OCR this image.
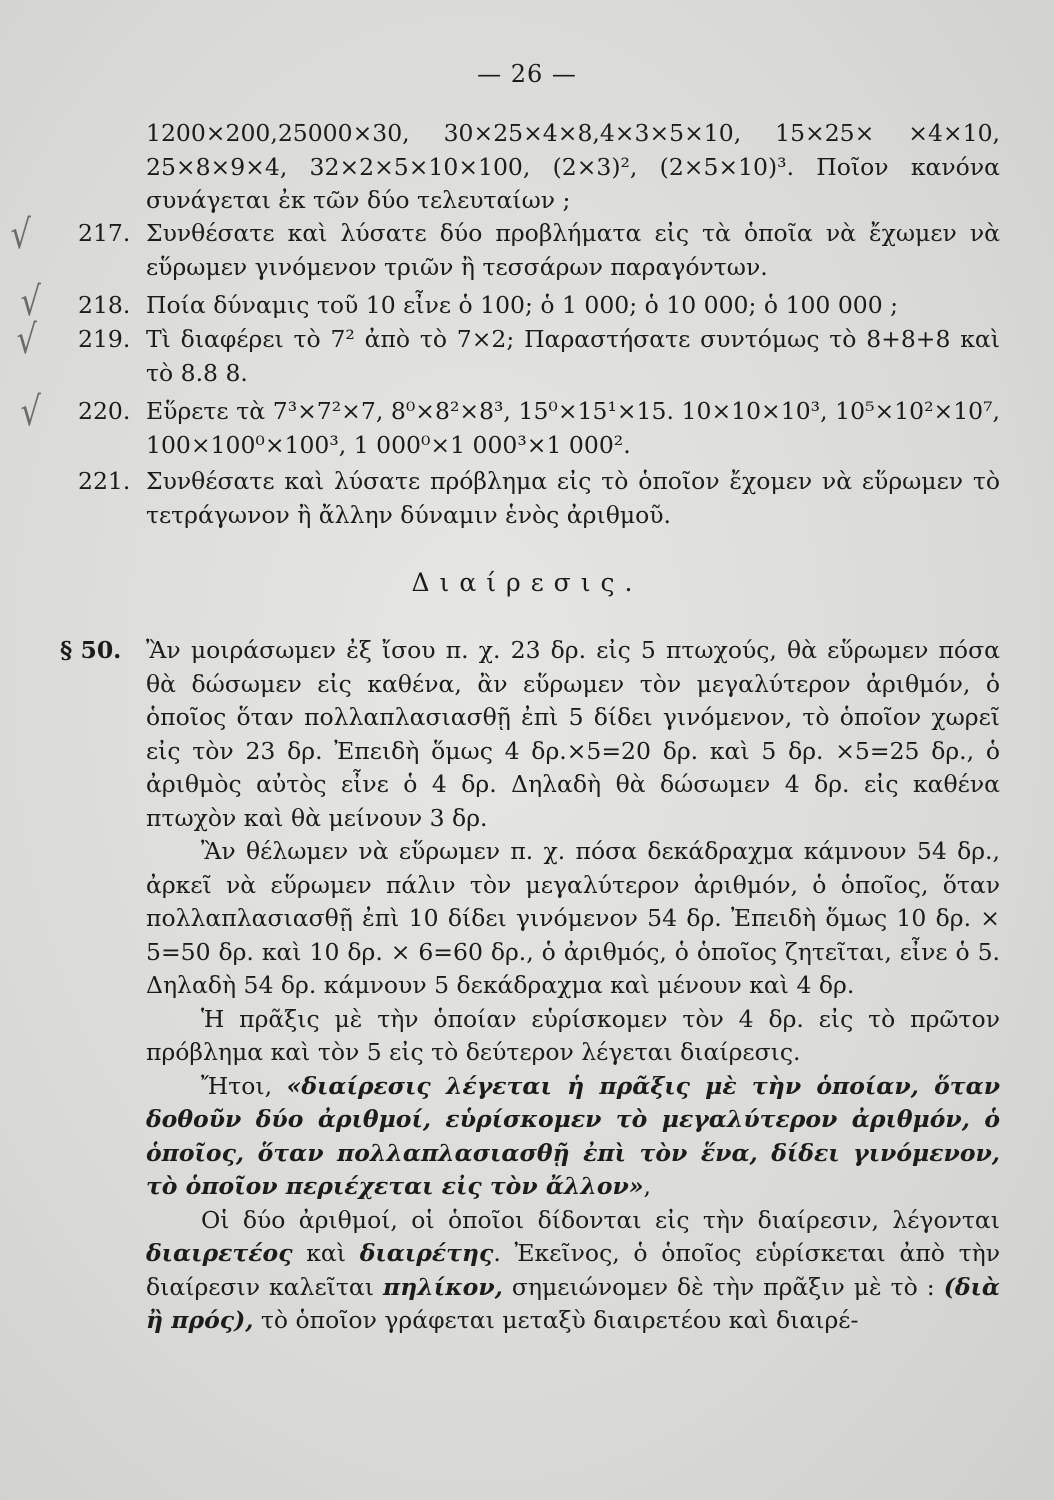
— 26 —
1200×200,25000×30, 30×25×4×8,4×3×5×10, 15×25× ×4×10, 25×8×9×4, 32×2×5×10×100, (2×3)², (2×5×10)³. Ποῖον κανόνα συνάγεται ἐκ τῶν δύο τελευταίων ;
√ 217. Συνθέσατε καὶ λύσατε δύο προβλήματα εἰς τὰ ὁποῖα νὰ ἔχωμεν νὰ εὕρωμεν γινόμενον τριῶν ἢ τεσσάρων παραγόντων.
√ 218. Ποία δύναμις τοῦ 10 εἶνε ὁ 100; ὁ 1 000; ὁ 10 000; ὁ 100 000 ;
√ 219. Τὶ διαφέρει τὸ 7² ἀπὸ τὸ 7×2; Παραστήσατε συντόμως τὸ 8+8+8 καὶ τὸ 8.8 8.
√ 220. Εὕρετε τὰ 7³×7²×7, 8⁰×8²×8³, 15⁰×15¹×15. 10×10×10³, 10⁵×10²×10⁷, 100×100⁰×100³, 1 000⁰×1 000³×1 000².
221. Συνθέσατε καὶ λύσατε πρόβλημα εἰς τὸ ὁποῖον ἔχομεν νὰ εὕρωμεν τὸ τετράγωνον ἢ ἄλλην δύναμιν ἑνὸς ἀριθμοῦ.
Διαίρεσις.
§ 50.	Ἂν μοιράσωμεν ἐξ ἴσου π. χ. 23 δρ. εἰς 5 πτωχούς, θὰ εὕρωμεν πόσα θὰ δώσωμεν εἰς καθένα, ἂν εὕρωμεν τὸν μεγαλύτερον ἀριθμόν, ὁ ὁποῖος ὅταν πολλαπλασιασθῇ ἐπὶ 5 δίδει γινόμενον, τὸ ὁποῖον χωρεῖ εἰς τὸν 23 δρ. Ἐπειδὴ ὅμως 4 δρ.×5=20 δρ. καὶ 5 δρ. ×5=25 δρ., ὁ ἀριθμὸς αὐτὸς εἶνε ὁ 4 δρ. Δηλαδὴ θὰ δώσωμεν 4 δρ. εἰς καθένα πτωχὸν καὶ θὰ μείνουν 3 δρ.

Ἂν θέλωμεν νὰ εὕρωμεν π. χ. πόσα δεκάδραχμα κάμνουν 54 δρ., ἀρκεῖ νὰ εὕρωμεν πάλιν τὸν μεγαλύτερον ἀριθμόν, ὁ ὁποῖος, ὅταν πολλαπλασιασθῇ ἐπὶ 10 δίδει γινόμενον 54 δρ. Ἐπειδὴ ὅμως 10 δρ. × 5=50 δρ. καὶ 10 δρ. × 6=60 δρ., ὁ ἀριθμός, ὁ ὁποῖος ζητεῖται, εἶνε ὁ 5. Δηλαδὴ 54 δρ. κάμνουν 5 δεκάδραχμα καὶ μένουν καὶ 4 δρ.

Ἡ πρᾶξις μὲ τὴν ὁποίαν εὑρίσκομεν τὸν 4 δρ. εἰς τὸ πρῶτον πρόβλημα καὶ τὸν 5 εἰς τὸ δεύτερον λέγεται διαίρεσις.

Ἤτοι, «διαίρεσις λέγεται ἡ πρᾶξις μὲ τὴν ὁποίαν, ὅταν δοθοῦν δύο ἀριθμοί, εὑρίσκομεν τὸ μεγαλύτερον ἀριθμόν, ὁ ὁποῖος, ὅταν πολλαπλασιασθῇ ἐπὶ τὸν ἕνα, δίδει γινόμενον, τὸ ὁποῖον περιέχεται εἰς τὸν ἄλλον»,

Οἱ δύο ἀριθμοί, οἱ ὁποῖοι δίδονται εἰς τὴν διαίρεσιν, λέγονται διαιρετέος καὶ διαιρέτης. Ἐκεῖνος, ὁ ὁποῖος εὑρίσκεται ἀπὸ τὴν διαίρεσιν καλεῖται πηλίκον, σημειώνομεν δὲ τὴν πρᾶξιν μὲ τὸ : (διὰ ἢ πρός), τὸ ὁποῖον γράφεται μεταξὺ διαιρετέου καὶ διαιρέ-
